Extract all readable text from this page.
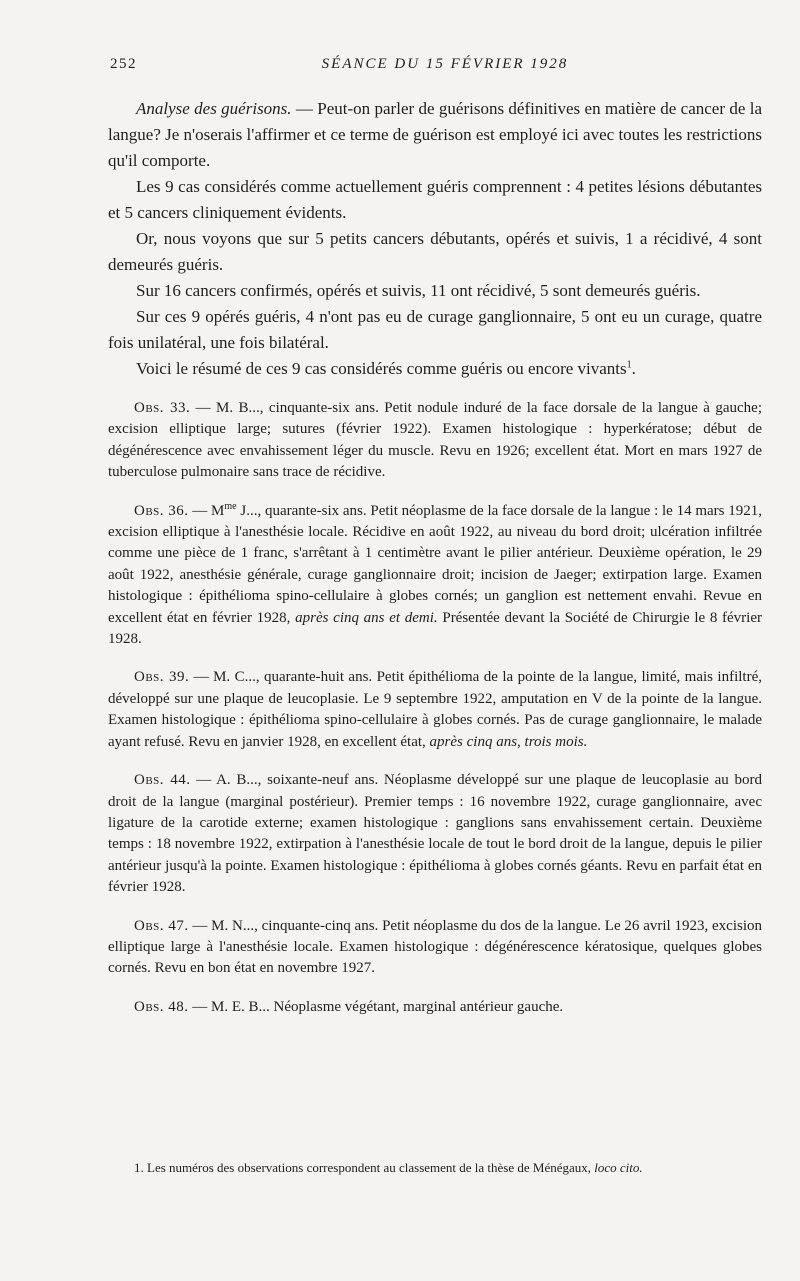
252	SÉANCE DU 15 FÉVRIER 1928

Analyse des guérisons. — Peut-on parler de guérisons définitives en matière de cancer de la langue? Je n'oserais l'affirmer et ce terme de guérison est employé ici avec toutes les restrictions qu'il comporte.

Les 9 cas considérés comme actuellement guéris comprennent : 4 petites lésions débutantes et 5 cancers cliniquement évidents.

Or, nous voyons que sur 5 petits cancers débutants, opérés et suivis, 1 a récidivé, 4 sont demeurés guéris.

Sur 16 cancers confirmés, opérés et suivis, 11 ont récidivé, 5 sont demeurés guéris.

Sur ces 9 opérés guéris, 4 n'ont pas eu de curage ganglionnaire, 5 ont eu un curage, quatre fois unilatéral, une fois bilatéral.

Voici le résumé de ces 9 cas considérés comme guéris ou encore vivants$^1$.

Obs. 33. — M. B..., cinquante-six ans. Petit nodule induré de la face dorsale de la langue à gauche; excision elliptique large; sutures (février 1922). Examen histologique : hyperkératose; début de dégénérescence avec envahissement léger du muscle. Revu en 1926; excellent état. Mort en mars 1927 de tuberculose pulmonaire sans trace de récidive.

Obs. 36. — $M^{me}$ J..., quarante-six ans. Petit néoplasme de la face dorsale de la langue : le 14 mars 1921, excision elliptique à l'anesthésie locale. Récidive en août 1922, au niveau du bord droit; ulcération infiltrée comme une pièce de 1 franc, s'arrêtant à 1 centimètre avant le pilier antérieur. Deuxième opération, le 29 août 1922, anesthésie générale, curage ganglionnaire droit; incision de Jaeger; extirpation large. Examen histologique : épithélioma spino-cellulaire à globes cornés; un ganglion est nettement envahi. Revue en excellent état en février 1928, après cinq ans et demi. Présentée devant la Société de Chirurgie le 8 février 1928.

Obs. 39. — M. C..., quarante-huit ans. Petit épithélioma de la pointe de la langue, limité, mais infiltré, développé sur une plaque de leucoplasie. Le 9 septembre 1922, amputation en V de la pointe de la langue. Examen histologique : épithélioma spino-cellulaire à globes cornés. Pas de curage ganglionnaire, le malade ayant refusé. Revu en janvier 1928, en excellent état, après cinq ans, trois mois.

Obs. 44. — A. B..., soixante-neuf ans. Néoplasme développé sur une plaque de leucoplasie au bord droit de la langue (marginal postérieur). Premier temps : 16 novembre 1922, curage ganglionnaire, avec ligature de la carotide externe; examen histologique : ganglions sans envahissement certain. Deuxième temps : 18 novembre 1922, extirpation à l'anesthésie locale de tout le bord droit de la langue, depuis le pilier antérieur jusqu'à la pointe. Examen histologique : épithélioma à globes cornés géants. Revu en parfait état en février 1928.

Obs. 47. — M. N..., cinquante-cinq ans. Petit néoplasme du dos de la langue. Le 26 avril 1923, excision elliptique large à l'anesthésie locale. Examen histologique : dégénérescence kératosique, quelques globes cornés. Revu en bon état en novembre 1927.

Obs. 48. — M. E. B... Néoplasme végétant, marginal antérieur gauche.

1. Les numéros des observations correspondent au classement de la thèse de Ménégaux, loco cito.
